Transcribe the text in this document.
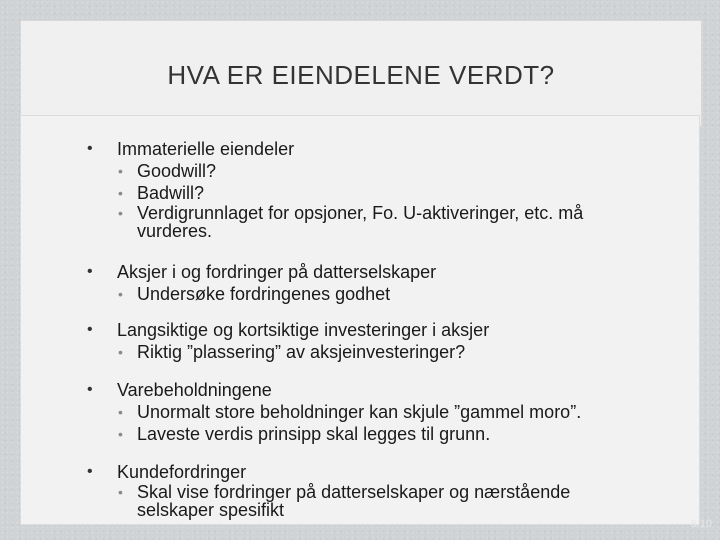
HVA ER EIENDELENE VERDT?
• Immaterielle eiendeler
• Goodwill?
• Badwill?
• Verdigrunnlaget for opsjoner, Fo. U-aktiveringer, etc. må vurderes.
• Aksjer i og fordringer på datterselskaper
• Undersøke fordringenes godhet
• Langsiktige og kortsiktige investeringer i aksjer
• Riktig ”plassering” av aksjeinvesteringer?
• Varebeholdningene
• Unormalt store beholdninger kan skjule ”gammel moro”.
• Laveste verdis prinsipp skal legges til grunn.
• Kundefordringer
• Skal vise fordringer på datterselskaper og nærstående selskaper spesifikt
6/10
